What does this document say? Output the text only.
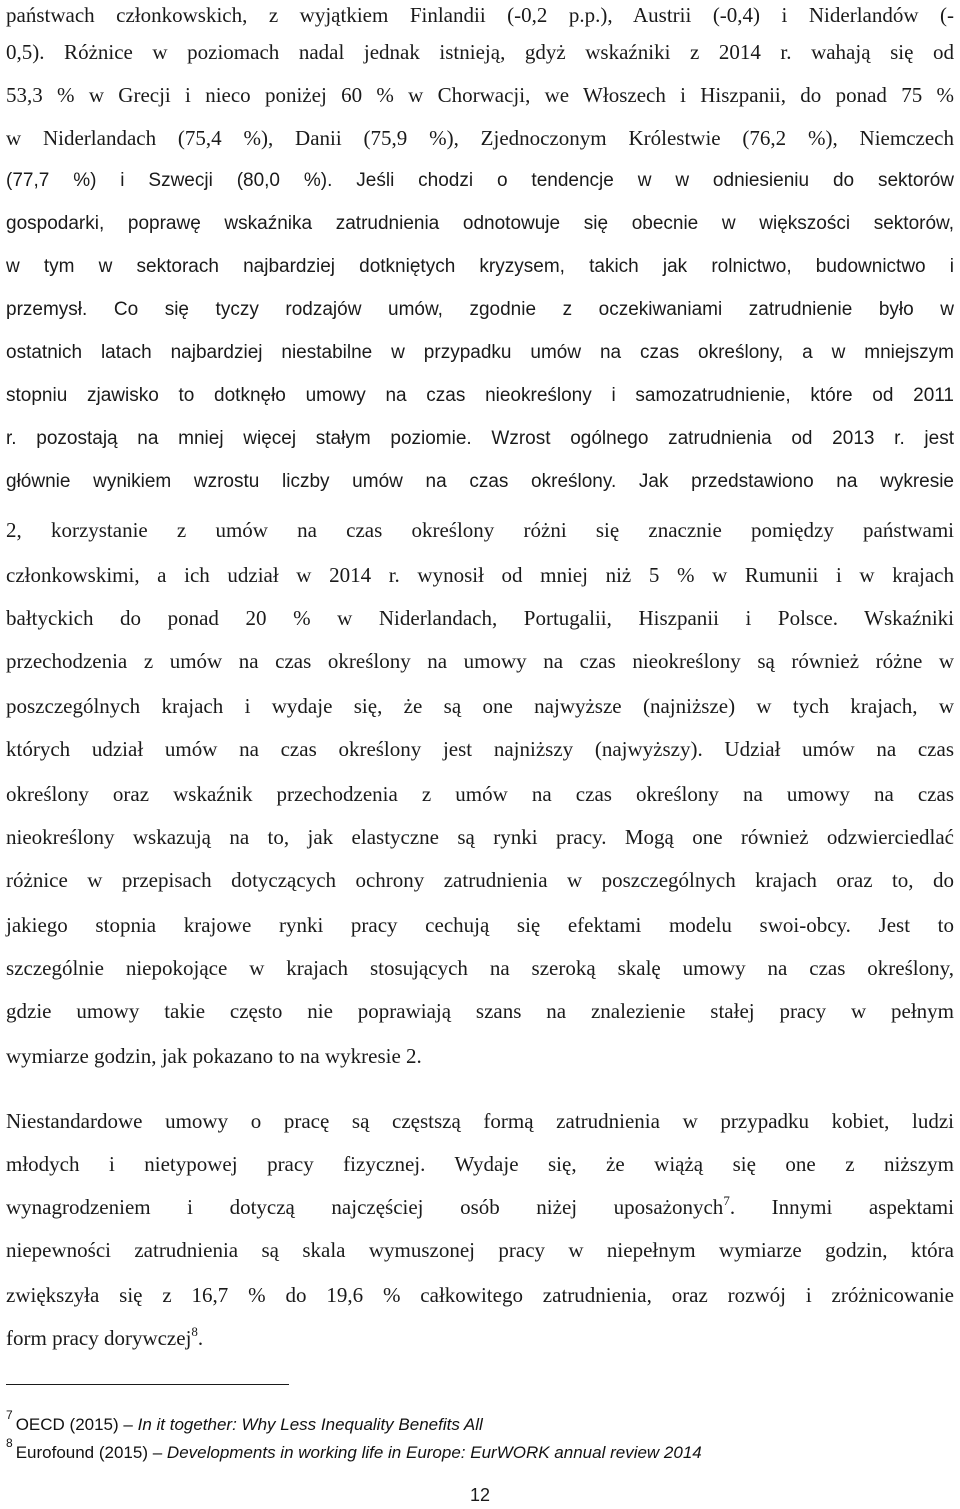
państwach członkowskich, z wyjątkiem Finlandii (-0,2 p.p.), Austrii (-0,4) i Niderlandów (-
0,5). Różnice w poziomach nadal jednak istnieją, gdyż wskaźniki z 2014 r. wahają się od
53,3 % w Grecji i nieco poniżej 60 % w Chorwacji, we Włoszech i Hiszpanii, do ponad 75 %
w Niderlandach (75,4 %), Danii (75,9 %), Zjednoczonym Królestwie (76,2 %), Niemczech
(77,7 %) i Szwecji (80,0 %). Jeśli chodzi o tendencje w w odniesieniu do sektorów
gospodarki, poprawę wskaźnika zatrudnienia odnotowuje się obecnie w większości sektorów,
w tym w sektorach najbardziej dotkniętych kryzysem, takich jak rolnictwo, budownictwo i
przemysł. Co się tyczy rodzajów umów, zgodnie z oczekiwaniami zatrudnienie było w
ostatnich latach najbardziej niestabilne w przypadku umów na czas określony, a w mniejszym
stopniu zjawisko to dotknęło umowy na czas nieokreślony i samozatrudnienie, które od 2011
r. pozostają na mniej więcej stałym poziomie. Wzrost ogólnego zatrudnienia od 2013 r. jest
głównie wynikiem wzrostu liczby umów na czas określony. Jak przedstawiono na wykresie
2, korzystanie z umów na czas określony różni się znacznie pomiędzy państwami
członkowskimi, a ich udział w 2014 r. wynosił od mniej niż 5 % w Rumunii i w krajach
bałtyckich do ponad 20 % w Niderlandach, Portugalii, Hiszpanii i Polsce. Wskaźniki
przechodzenia z umów na czas określony na umowy na czas nieokreślony są również różne w
poszczególnych krajach i wydaje się, że są one najwyższe (najniższe) w tych krajach, w
których udział umów na czas określony jest najniższy (najwyższy). Udział umów na czas
określony oraz wskaźnik przechodzenia z umów na czas określony na umowy na czas
nieokreślony wskazują na to, jak elastyczne są rynki pracy. Mogą one również odzwierciedlać
różnice w przepisach dotyczących ochrony zatrudnienia w poszczególnych krajach oraz to, do
jakiego stopnia krajowe rynki pracy cechują się efektami modelu swoi-obcy. Jest to
szczególnie niepokojące w krajach stosujących na szeroką skalę umowy na czas określony,
gdzie umowy takie często nie poprawiają szans na znalezienie stałej pracy w pełnym
wymiarze godzin, jak pokazano to na wykresie 2.
Niestandardowe umowy o pracę są częstszą formą zatrudnienia w przypadku kobiet, ludzi
młodych i nietypowej pracy fizycznej. Wydaje się, że wiążą się one z niższym
wynagrodzeniem i dotyczą najczęściej osób niżej uposażonych$^7$. Innymi aspektami
niepewności zatrudnienia są skala wymuszonej pracy w niepełnym wymiarze godzin, która
zwiększyła się z 16,7 % do 19,6 % całkowitego zatrudnienia, oraz rozwój i zróżnicowanie
form pracy dorywczej$^8$.
$^7$ OECD (2015) – In it together: Why Less Inequality Benefits All
$^8$ Eurofound (2015) – Developments in working life in Europe: EurWORK annual review 2014
12
